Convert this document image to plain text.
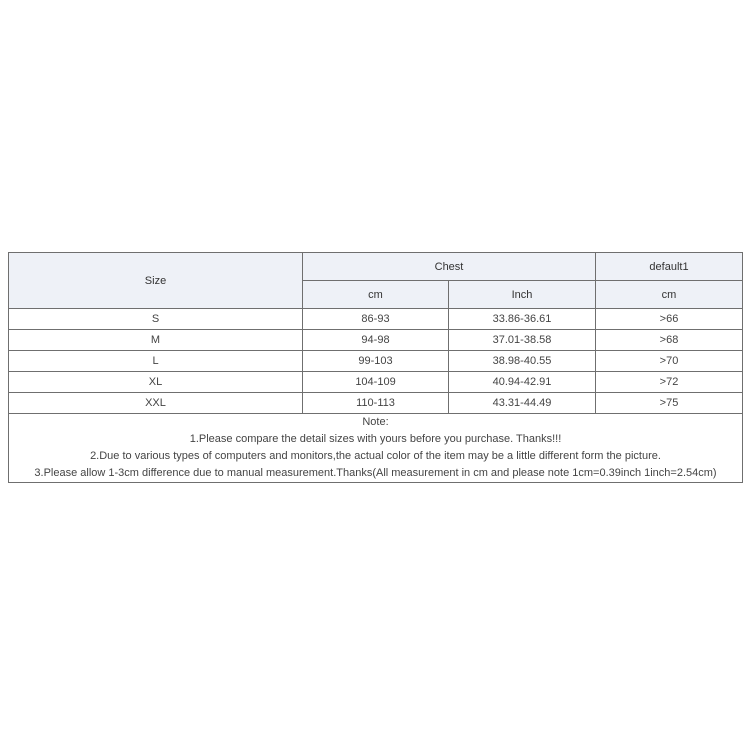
Size	Chest		default1
	cm	Inch	cm
S	86-93	33.86-36.61	>66
M	94-98	37.01-38.58	>68
L	99-103	38.98-40.55	>70
XL	104-109	40.94-42.91	>72
XXL	110-113	43.31-44.49	>75

Note:
1.Please compare the detail sizes with yours before you purchase. Thanks!!!
2.Due to various types of computers and monitors,the actual color of the item may be a little different form the picture.
3.Please allow 1-3cm difference due to manual measurement.Thanks(All measurement in cm and please note 1cm=0.39inch 1inch=2.54cm)			
